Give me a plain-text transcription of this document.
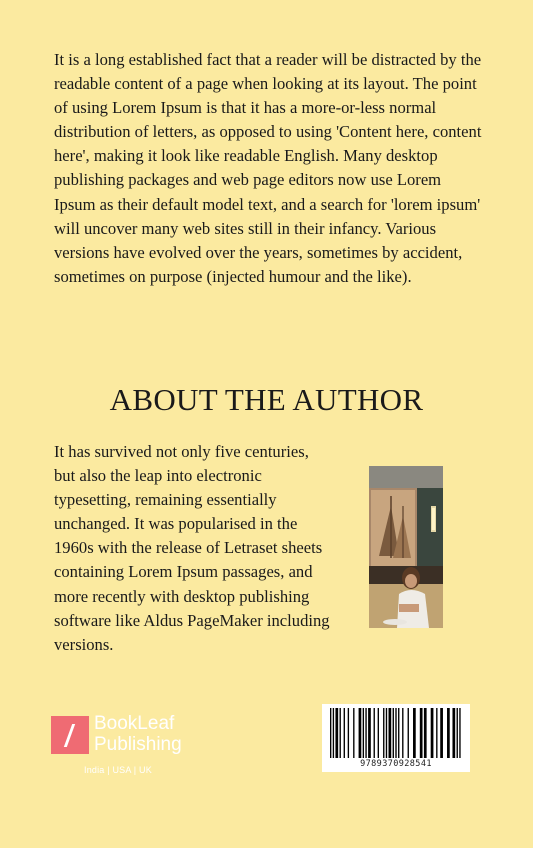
It is a long established fact that a reader will be distracted by the readable content of a page when looking at its layout. The point of using Lorem Ipsum is that it has a more-or-less normal distribution of letters, as opposed to using 'Content here, content here', making it look like readable English. Many desktop publishing packages and web page editors now use Lorem Ipsum as their default model text, and a search for 'lorem ipsum' will uncover many web sites still in their infancy. Various versions have evolved over the years, sometimes by accident, sometimes on purpose (injected humour and the like).

ABOUT THE AUTHOR

It has survived not only five centuries, but also the leap into electronic typesetting, remaining essentially unchanged. It was popularised in the 1960s with the release of Letraset sheets containing Lorem Ipsum passages, and more recently with desktop publishing software like Aldus PageMaker including versions.

BookLeaf
Publishing
India | USA | UK
9789370928541
